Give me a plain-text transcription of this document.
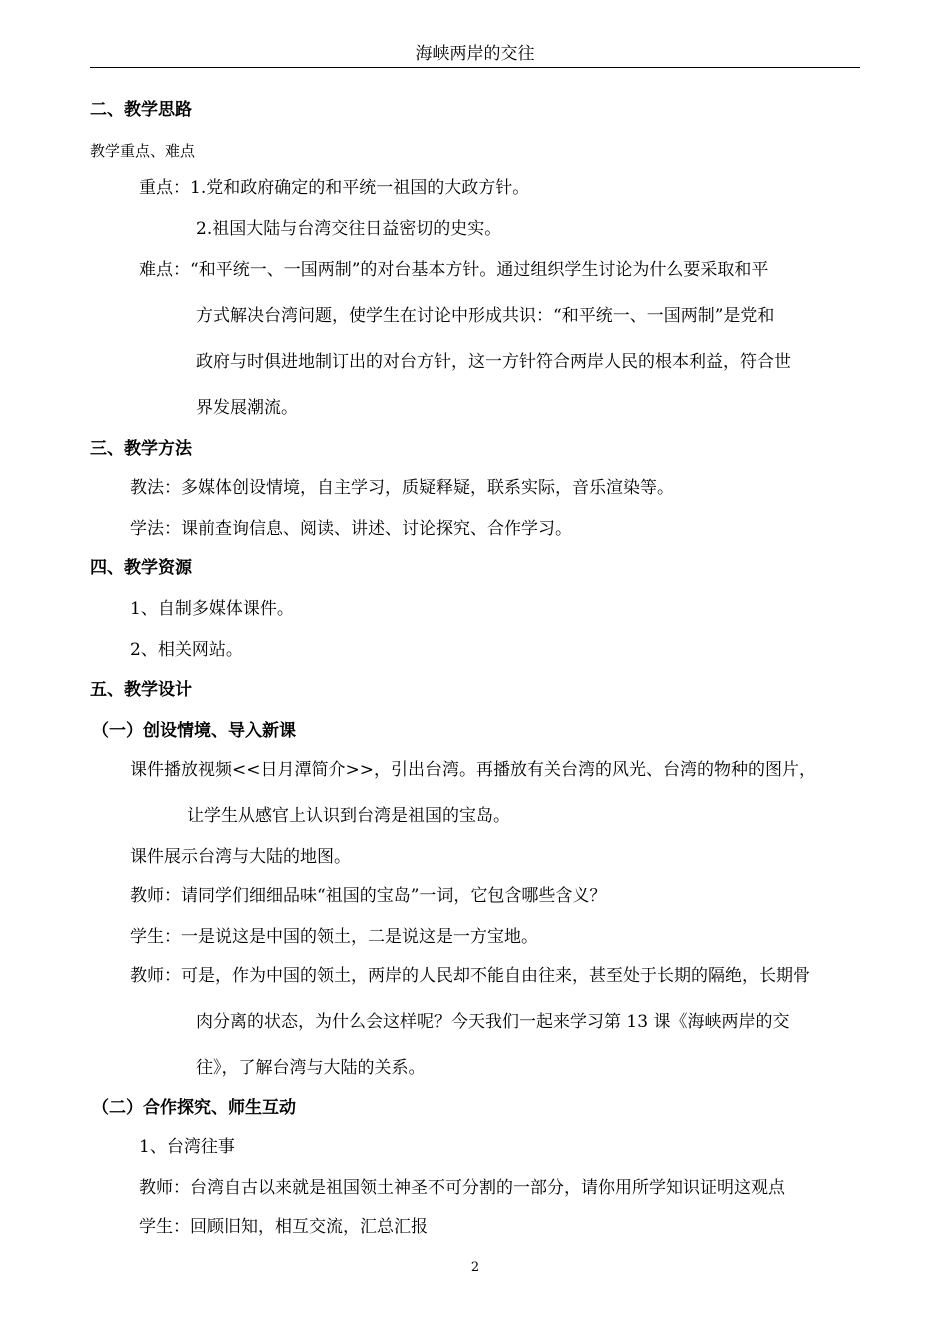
海峡两岸的交往
二、教学思路
教学重点、难点
重点：1.党和政府确定的和平统一祖国的大政方针。
2.祖国大陆与台湾交往日益密切的史实。
难点：“和平统一、一国两制”的对台基本方针。通过组织学生讨论为什么要采取和平
方式解决台湾问题，使学生在讨论中形成共识：“和平统一、一国两制”是党和
政府与时俱进地制订出的对台方针，这一方针符合两岸人民的根本利益，符合世
界发展潮流。
三、教学方法
教法：多媒体创设情境，自主学习，质疑释疑，联系实际，音乐渲染等。
学法：课前查询信息、阅读、讲述、讨论探究、合作学习。
四、教学资源
1、自制多媒体课件。
2、相关网站。
五、教学设计
（一）创设情境、导入新课
课件播放视频<<日月潭简介>>，引出台湾。再播放有关台湾的风光、台湾的物种的图片，
让学生从感官上认识到台湾是祖国的宝岛。
课件展示台湾与大陆的地图。
教师：请同学们细细品味“祖国的宝岛”一词，它包含哪些含义？
学生：一是说这是中国的领土，二是说这是一方宝地。
教师：可是，作为中国的领土，两岸的人民却不能自由往来，甚至处于长期的隔绝，长期骨
肉分离的状态，为什么会这样呢？今天我们一起来学习第 13 课《海峡两岸的交
往》，了解台湾与大陆的关系。
（二）合作探究、师生互动
1、台湾往事
教师：台湾自古以来就是祖国领土神圣不可分割的一部分，请你用所学知识证明这观点
学生：回顾旧知，相互交流，汇总汇报
2
